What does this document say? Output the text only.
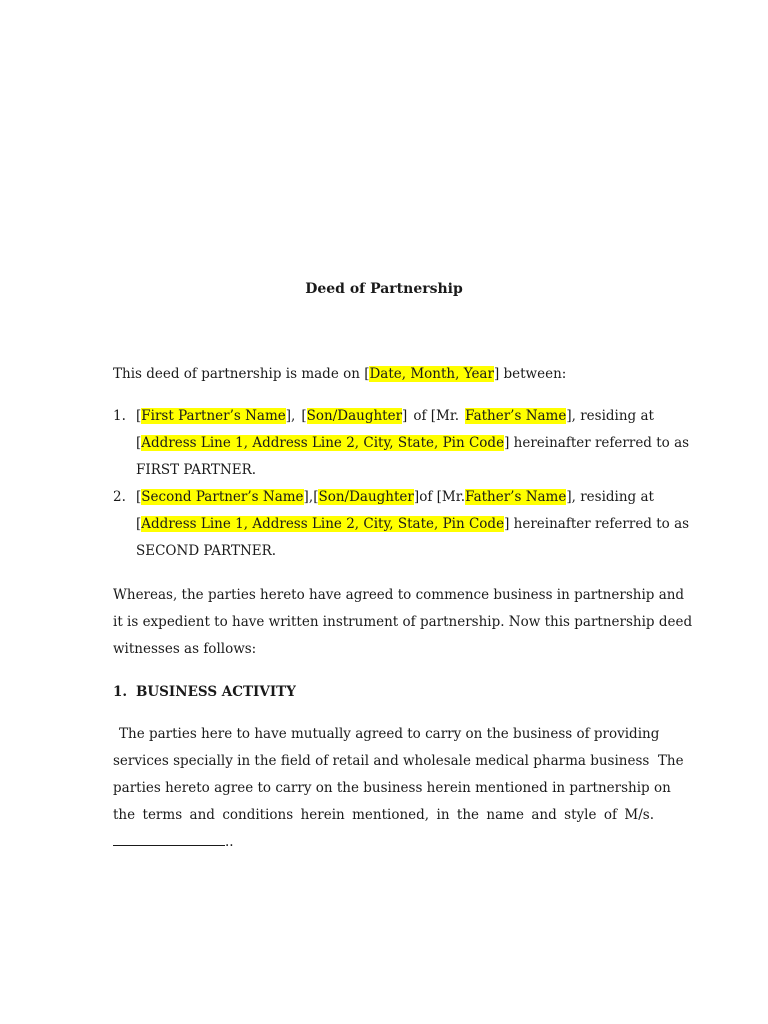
Deed of Partnership
This deed of partnership is made on [Date, Month, Year] between:
1. [First Partner’s Name], [Son/Daughter] of [Mr. Father’s Name], residing at
[Address Line 1, Address Line 2, City, State, Pin Code] hereinafter referred to as
FIRST PARTNER.
2. [Second Partner’s Name], [Son/Daughter] of [Mr. Father’s Name], residing at
[Address Line 1, Address Line 2, City, State, Pin Code] hereinafter referred to as
SECOND PARTNER.
Whereas, the parties hereto have agreed to commence business in partnership and
it is expedient to have written instrument of partnership. Now this partnership deed
witnesses as follows:
1. BUSINESS ACTIVITY
The parties here to have mutually agreed to carry on the business of providing
services specially in the field of retail and wholesale medical pharma business  The
parties hereto agree to carry on the business herein mentioned in partnership on
the terms and conditions herein mentioned, in the name and style of M/s.
..
